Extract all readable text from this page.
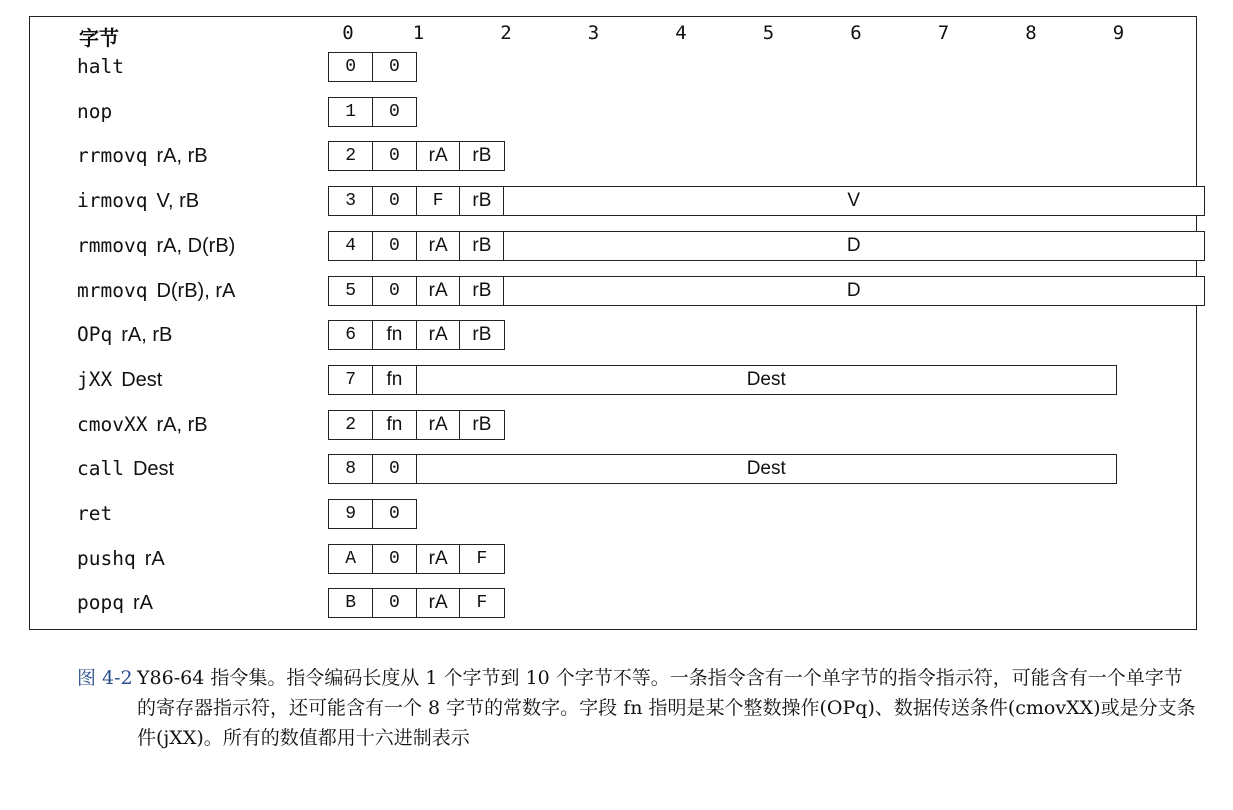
字节	0	1	2	3	4	5	6	7	8	9
halt	0	0
nop	1	0
rrmovq rA, rB	2	0	rA	rB
irmovq V, rB	3	0	F	rB	V
rmmovq rA, D(rB)	4	0	rA	rB	D
mrmovq D(rB), rA	5	0	rA	rB	D
OPq rA, rB	6	fn	rA	rB
jXX Dest	7	fn	Dest
cmovXX rA, rB	2	fn	rA	rB
call Dest	8	0	Dest
ret	9	0
pushq rA	A	0	rA	F
popq rA	B	0	rA	F
图 4-2 Y86-64 指令集。指令编码长度从 1 个字节到 10 个字节不等。一条指令含有一个单字节的指令指示符，可能含有一个单字节的寄存器指示符，还可能含有一个 8 字节的常数字。字段 fn 指明是某个整数操作(OPq)、数据传送条件(cmovXX)或是分支条件(jXX)。所有的数值都用十六进制表示
